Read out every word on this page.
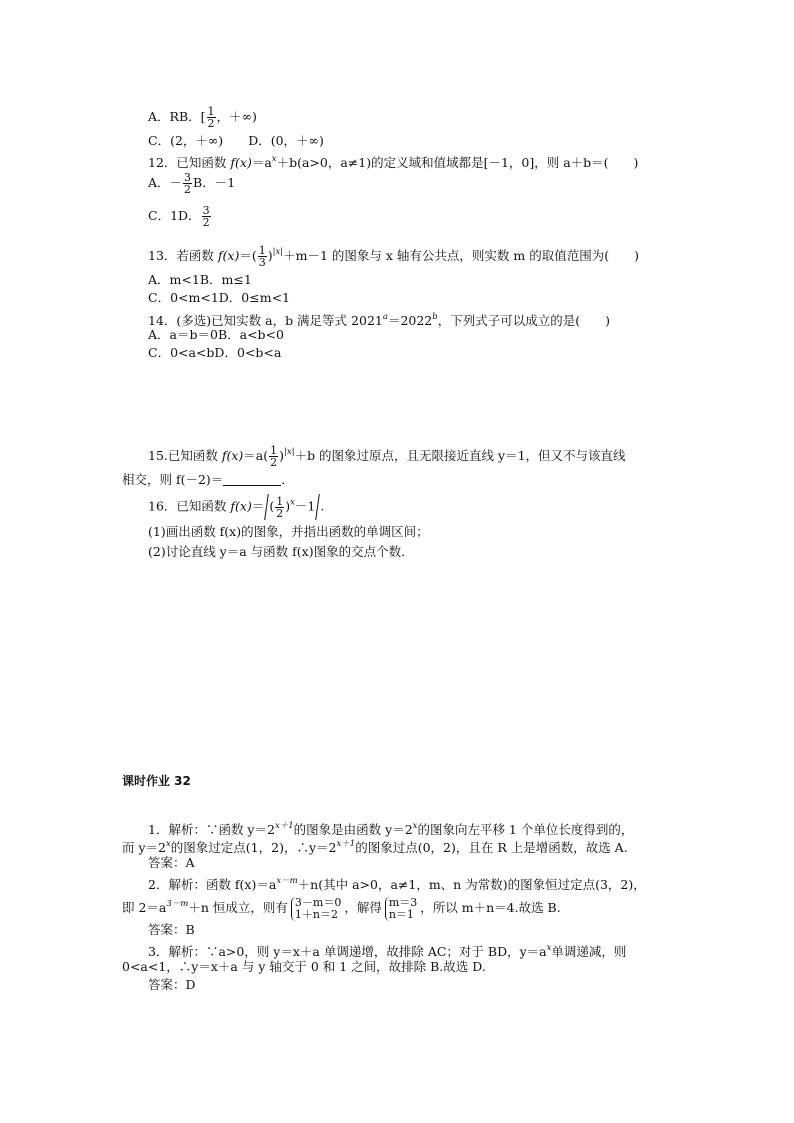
A．RB．[ $\frac{1}{2}$ ，＋∞)
C．(2，＋∞)　　 D．(0，＋∞)
12．已知函数 $f(x)=a^x+b(a>0$，a≠1)的定义域和值域都是[－1，0]，则 a＋b＝(　　)
A．－ $\frac{3}{2}$ B．－1
C．1D． $\frac{3}{2}$
13．若函数 $f(x)=( \frac{1}{3} )^{|x|}+m-1$ 的图象与 x 轴有公共点，则实数 m 的取值范围为(　　)
A．m<1B．m≤1
C．0<m<1D．0≤m<1
14．(多选)已知实数 a，b 满足等式 $2021^a=2022^b$，下列式子可以成立的是(　　)
A．a＝b＝0B．a<b<0
C．0<a<bD．0<b<a
15.已知函数 $f(x)=a( \frac{1}{2} )^{|x|}+b$ 的图象过原点，且无限接近直线 y＝1，但又不与该直线
相交，则 f(－2)＝	．
16．已知函数 f(x)＝ ( $\frac{1}{2} )^x-1$ .
(1)画出函数 f(x)的图象，并指出函数的单调区间；
(2)讨论直线 y＝a 与函数 f(x)图象的交点个数．
课时作业 32
1．解析：∵函数 $y=2^{x+1}$的图象是由函数 $y=2^x$的图象向左平移 1 个单位长度得到的，
而 $y=2^x$的图象过定点(1，2)，$\therefore y=2^{x+1}$的图象过点(0，2)，且在 R 上是增函数，故选 A.
答案：A
2．解析：函数 $f(x)=a^{x-m}+n$(其中 a>0，a≠1，m、n 为常数)的图象恒过定点(3，2)，
即 $2=a^{3-m}+n$ 恒成立，则有 3－m＝0
1＋n＝2 ，解得 m＝3
n＝1 ，所以 m＋n＝4.故选 B.
答案：B
3．解析：∵a>0，则 y＝x＋a 单调递增，故排除 AC；对于 BD，$y=a^x$单调递减，则
0<a<1，∴y＝x＋a 与 y 轴交于 0 和 1 之间，故排除 B.故选 D.
答案：D
